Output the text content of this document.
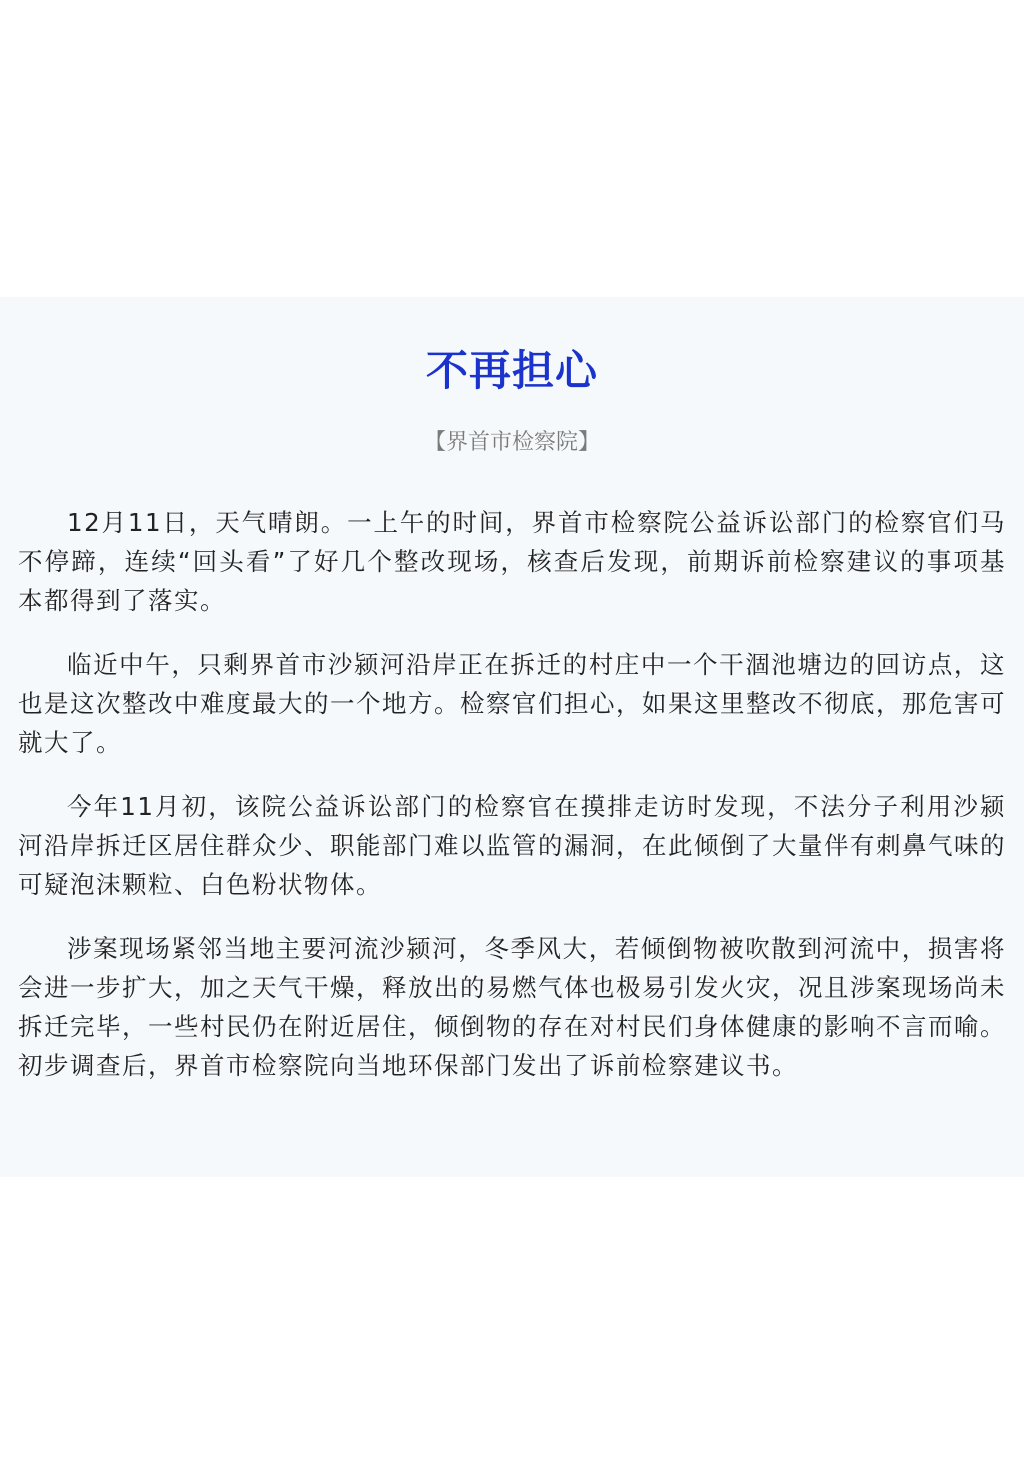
不再担心

【界首市检察院】

12月11日，天气晴朗。一上午的时间，界首市检察院公益诉讼部门的检察官们马不停蹄，连续“回头看”了好几个整改现场，核查后发现，前期诉前检察建议的事项基本都得到了落实。

临近中午，只剩界首市沙颍河沿岸正在拆迁的村庄中一个干涸池塘边的回访点，这也是这次整改中难度最大的一个地方。检察官们担心，如果这里整改不彻底，那危害可就大了。

今年11月初，该院公益诉讼部门的检察官在摸排走访时发现，不法分子利用沙颍河沿岸拆迁区居住群众少、职能部门难以监管的漏洞，在此倾倒了大量伴有刺鼻气味的可疑泡沫颗粒、白色粉状物体。

涉案现场紧邻当地主要河流沙颍河，冬季风大，若倾倒物被吹散到河流中，损害将会进一步扩大，加之天气干燥，释放出的易燃气体也极易引发火灾，况且涉案现场尚未拆迁完毕，一些村民仍在附近居住，倾倒物的存在对村民们身体健康的影响不言而喻。初步调查后，界首市检察院向当地环保部门发出了诉前检察建议书。
